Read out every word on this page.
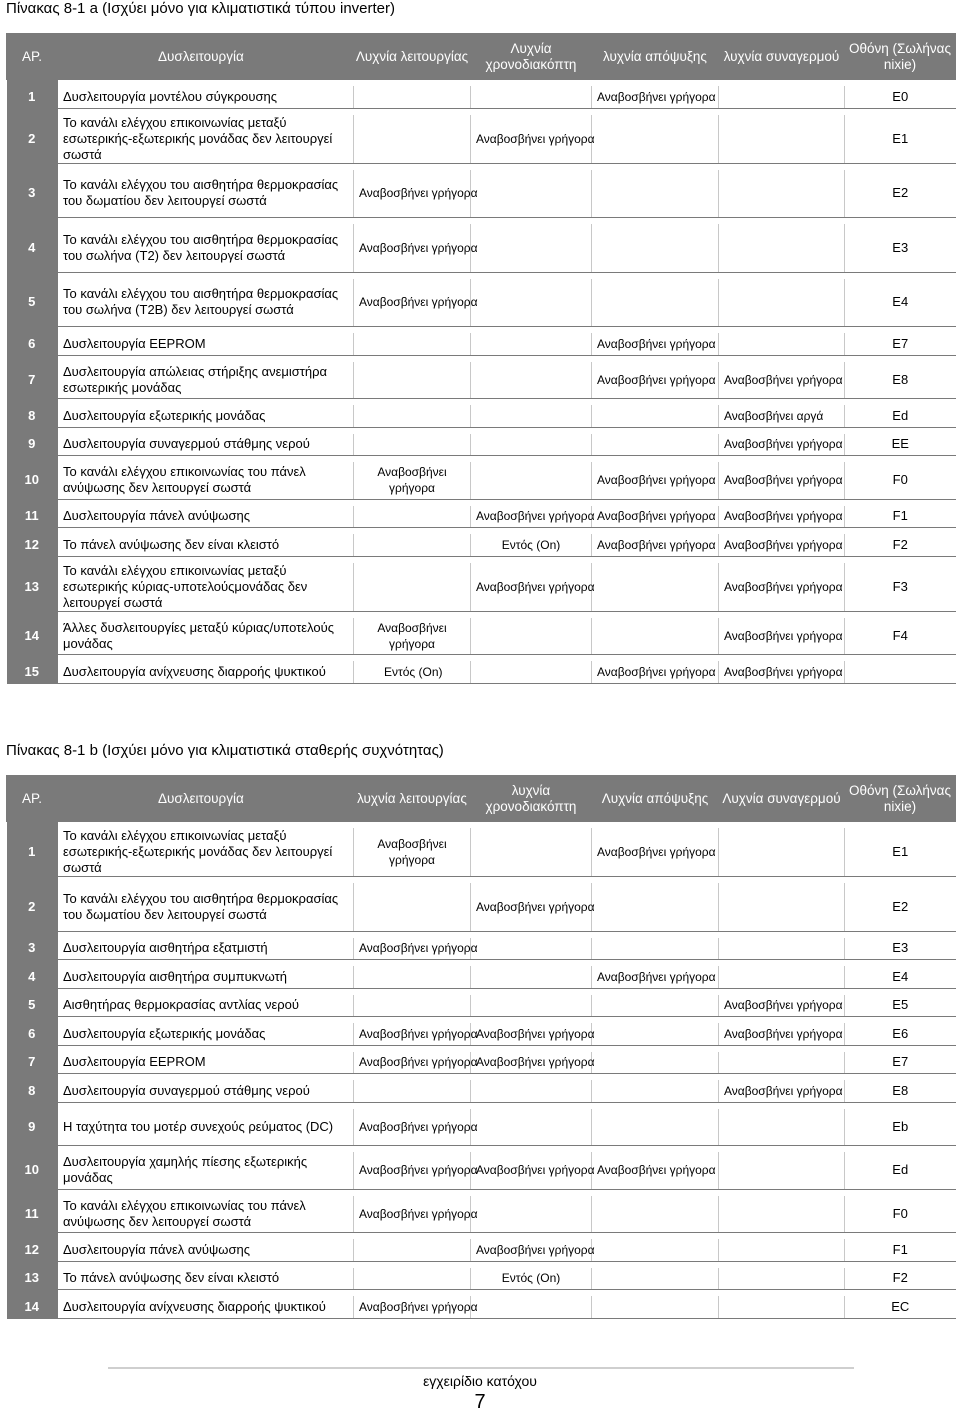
Πίνακας 8-1 a (Ισχύει μόνο για κλιματιστικά τύπου inverter)
ΑΡ.	Δυσλειτουργία	Λυχνία λειτουργίας	Λυχνία χρονοδιακόπτη	λυχνία απόψυξης	λυχνία συναγερμού	Οθόνη (Σωλήνας nixie)

1	Δυσλειτουργία μοντέλου σύγκρουσης			Αναβοσβήνει γρήγορα		E0

2	Το κανάλι ελέγχου επικοινωνίας μεταξύ εσωτερικής-εξωτερικής μονάδας δεν λειτουργεί σωστά		Αναβοσβήνει γρήγορα			E1

3	Το κανάλι ελέγχου του αισθητήρα θερμοκρασίας του δωματίου δεν λειτουργεί σωστά	Αναβοσβήνει γρήγορα				E2

4	Το κανάλι ελέγχου του αισθητήρα θερμοκρασίας του σωλήνα (T2) δεν λειτουργεί σωστά	Αναβοσβήνει γρήγορα				E3

5	Το κανάλι ελέγχου του αισθητήρα θερμοκρασίας του σωλήνα (T2B) δεν λειτουργεί σωστά	Αναβοσβήνει γρήγορα				E4

6	Δυσλειτουργία EEPROM			Αναβοσβήνει γρήγορα		E7

7	Δυσλειτουργία απώλειας στήριξης ανεμιστήρα εσωτερικής μονάδας			Αναβοσβήνει γρήγορα	Αναβοσβήνει γρήγορα	E8

8	Δυσλειτουργία εξωτερικής μονάδας				Αναβοσβήνει αργά	Ed

9	Δυσλειτουργία συναγερμού στάθμης νερού				Αναβοσβήνει γρήγορα	EE

10	Το κανάλι ελέγχου επικοινωνίας του πάνελ ανύψωσης δεν λειτουργεί σωστά	Αναβοσβήνει γρήγορα		Αναβοσβήνει γρήγορα	Αναβοσβήνει γρήγορα	F0

11	Δυσλειτουργία πάνελ ανύψωσης		Αναβοσβήνει γρήγορα	Αναβοσβήνει γρήγορα	Αναβοσβήνει γρήγορα	F1

12	Το πάνελ ανύψωσης δεν είναι κλειστό		Εντός (On)	Αναβοσβήνει γρήγορα	Αναβοσβήνει γρήγορα	F2

13	Το κανάλι ελέγχου επικοινωνίας μεταξύ εσωτερικής κύριας-υποτελούςμονάδας δεν λειτουργεί σωστά		Αναβοσβήνει γρήγορα		Αναβοσβήνει γρήγορα	F3

14	Άλλες δυσλειτουργίες μεταξύ κύριας/υποτελούς μονάδας	Αναβοσβήνει γρήγορα			Αναβοσβήνει γρήγορα	F4

15	Δυσλειτουργία ανίχνευσης διαρροής ψυκτικού	Εντός (On)		Αναβοσβήνει γρήγορα	Αναβοσβήνει γρήγορα	
Πίνακας 8-1 b (Ισχύει μόνο για κλιματιστικά σταθερής συχνότητας)
ΑΡ.	Δυσλειτουργία	λυχνία λειτουργίας	λυχνία χρονοδιακόπτη	Λυχνία απόψυξης	Λυχνία συναγερμού	Οθόνη (Σωλήνας nixie)

1	Το κανάλι ελέγχου επικοινωνίας μεταξύ εσωτερικής-εξωτερικής μονάδας δεν λειτουργεί σωστά	Αναβοσβήνει γρήγορα		Αναβοσβήνει γρήγορα		E1

2	Το κανάλι ελέγχου του αισθητήρα θερμοκρασίας του δωματίου δεν λειτουργεί σωστά		Αναβοσβήνει γρήγορα			E2

3	Δυσλειτουργία αισθητήρα εξατμιστή	Αναβοσβήνει γρήγορα				E3

4	Δυσλειτουργία αισθητήρα συμπυκνωτή			Αναβοσβήνει γρήγορα		E4

5	Αισθητήρας θερμοκρασίας αντλίας νερού				Αναβοσβήνει γρήγορα	E5

6	Δυσλειτουργία εξωτερικής μονάδας	Αναβοσβήνει γρήγορα	Αναβοσβήνει γρήγορα		Αναβοσβήνει γρήγορα	E6

7	Δυσλειτουργία EEPROM	Αναβοσβήνει γρήγορα	Αναβοσβήνει γρήγορα			E7

8	Δυσλειτουργία συναγερμού στάθμης νερού				Αναβοσβήνει γρήγορα	E8

9	Η ταχύτητα του μοτέρ συνεχούς ρεύματος (DC)	Αναβοσβήνει γρήγορα				Eb

10	Δυσλειτουργία χαμηλής πίεσης εξωτερικής μονάδας	Αναβοσβήνει γρήγορα	Αναβοσβήνει γρήγορα	Αναβοσβήνει γρήγορα		Ed

11	Το κανάλι ελέγχου επικοινωνίας του πάνελ ανύψωσης δεν λειτουργεί σωστά	Αναβοσβήνει γρήγορα				F0

12	Δυσλειτουργία πάνελ ανύψωσης		Αναβοσβήνει γρήγορα			F1

13	Το πάνελ ανύψωσης δεν είναι κλειστό		Εντός (On)			F2

14	Δυσλειτουργία ανίχνευσης διαρροής ψυκτικού	Αναβοσβήνει γρήγορα				EC
εγχειρίδιο κατόχου
7
